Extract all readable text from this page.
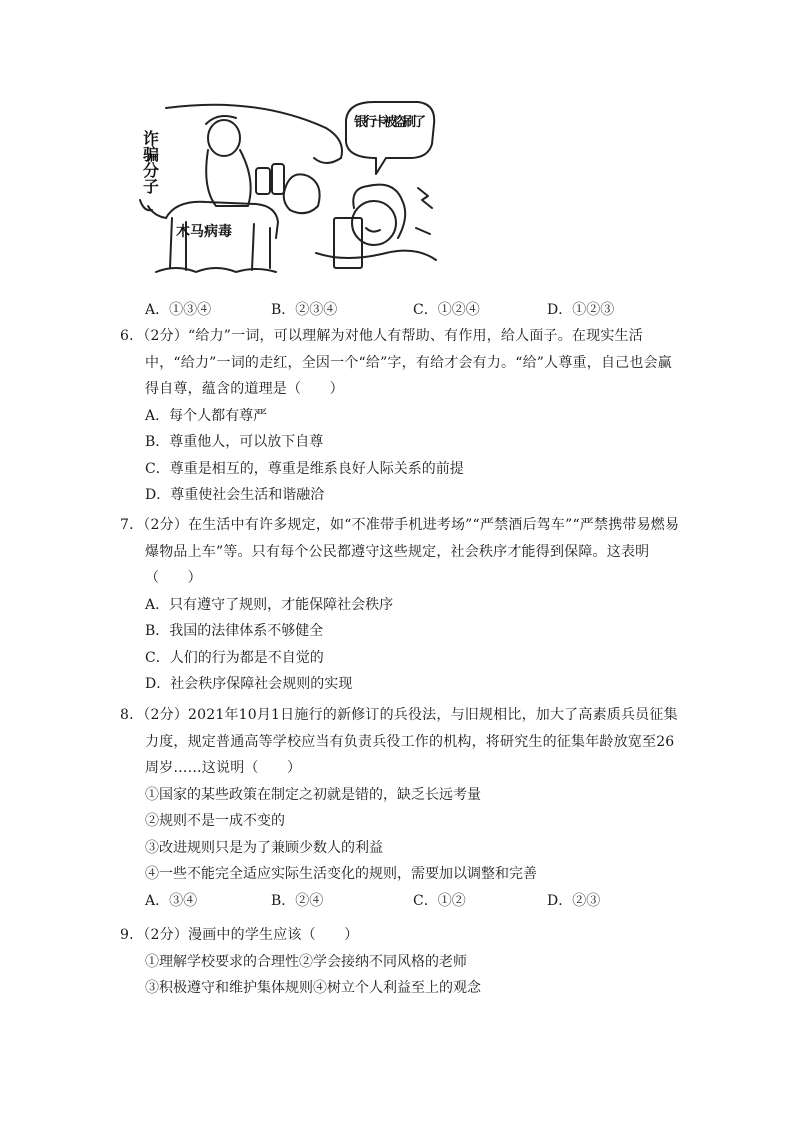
诈骗分子
木马病毒
银行卡被盗刷了
A．①③④	B．②③④	C．①②④	D．①②③

6．（2分）“给力”一词，可以理解为对他人有帮助、有作用，给人面子。在现实生活中，“给力”一词的走红，全因一个“给”字，有给才会有力。“给”人尊重，自己也会赢得自尊，蕴含的道理是（　　）

A．每个人都有尊严

B．尊重他人，可以放下自尊

C．尊重是相互的，尊重是维系良好人际关系的前提

D．尊重使社会生活和谐融洽

7．（2分）在生活中有许多规定，如“不准带手机进考场”“严禁酒后驾车”“严禁携带易燃易爆物品上车”等。只有每个公民都遵守这些规定，社会秩序才能得到保障。这表明（　　）

A．只有遵守了规则，才能保障社会秩序

B．我国的法律体系不够健全

C．人们的行为都是不自觉的

D．社会秩序保障社会规则的实现

8．（2分）2021年10月1日施行的新修订的兵役法，与旧规相比，加大了高素质兵员征集力度，规定普通高等学校应当有负责兵役工作的机构，将研究生的征集年龄放宽至26周岁……这说明（　　）

①国家的某些政策在制定之初就是错的，缺乏长远考量

②规则不是一成不变的

③改进规则只是为了兼顾少数人的利益

④一些不能完全适应实际生活变化的规则，需要加以调整和完善

A．③④	B．②④	C．①②	D．②③

9．（2分）漫画中的学生应该（　　）

①理解学校要求的合理性②学会接纳不同风格的老师

③积极遵守和维护集体规则④树立个人利益至上的观念
